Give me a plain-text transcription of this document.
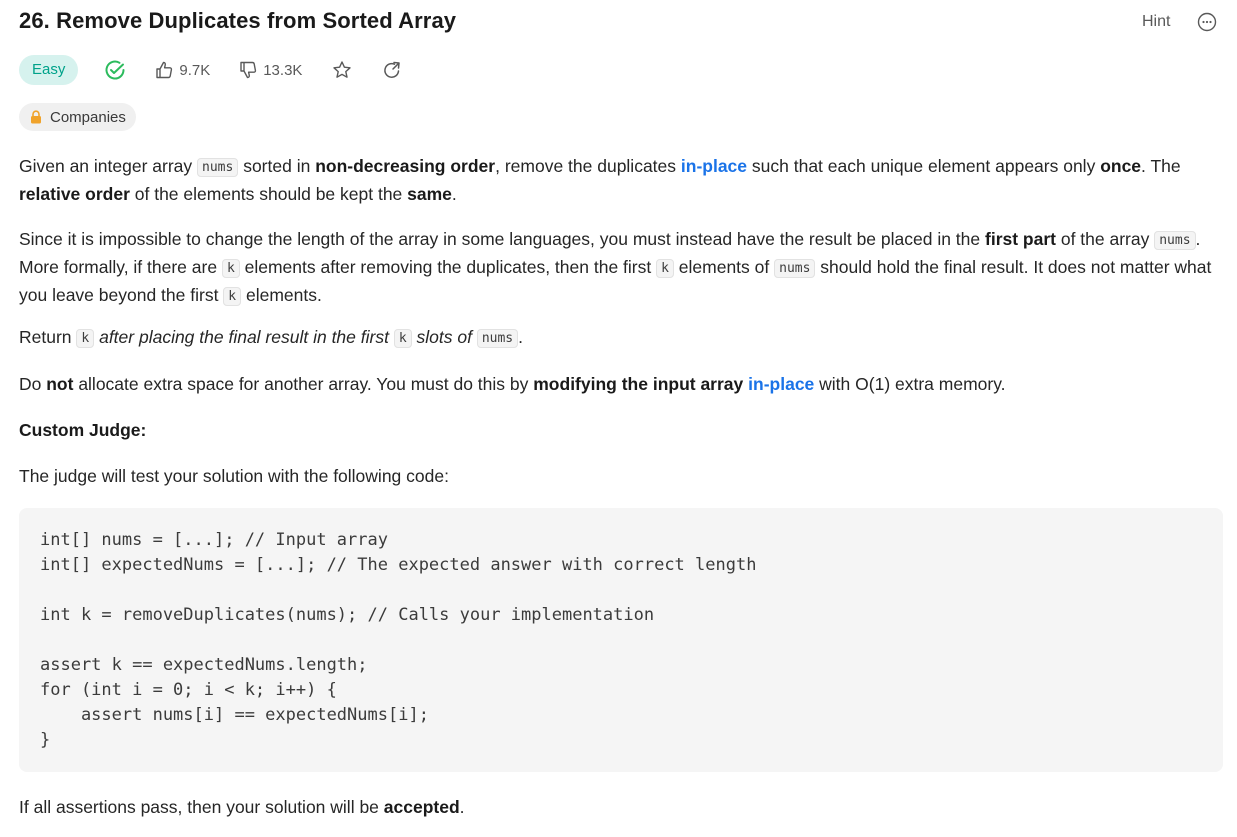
26. Remove Duplicates from Sorted Array	Hint
Easy	9.7K	13.3K
Companies
Given an integer array nums sorted in non-decreasing order, remove the duplicates in-place such that each unique element appears only once. The relative order of the elements should be kept the same.
Since it is impossible to change the length of the array in some languages, you must instead have the result be placed in the first part of the array nums . More formally, if there are k elements after removing the duplicates, then the first k elements of nums should hold the final result. It does not matter what you leave beyond the first k elements.
Return k after placing the final result in the first k slots of nums .
Do not allocate extra space for another array. You must do this by modifying the input array in-place with O(1) extra memory.
Custom Judge:
The judge will test your solution with the following code:
int[] nums = [...]; // Input array
int[] expectedNums = [...]; // The expected answer with correct length

int k = removeDuplicates(nums); // Calls your implementation

assert k == expectedNums.length;
for (int i = 0; i < k; i++) {
assert nums[i] == expectedNums[i];
}
If all assertions pass, then your solution will be accepted.
